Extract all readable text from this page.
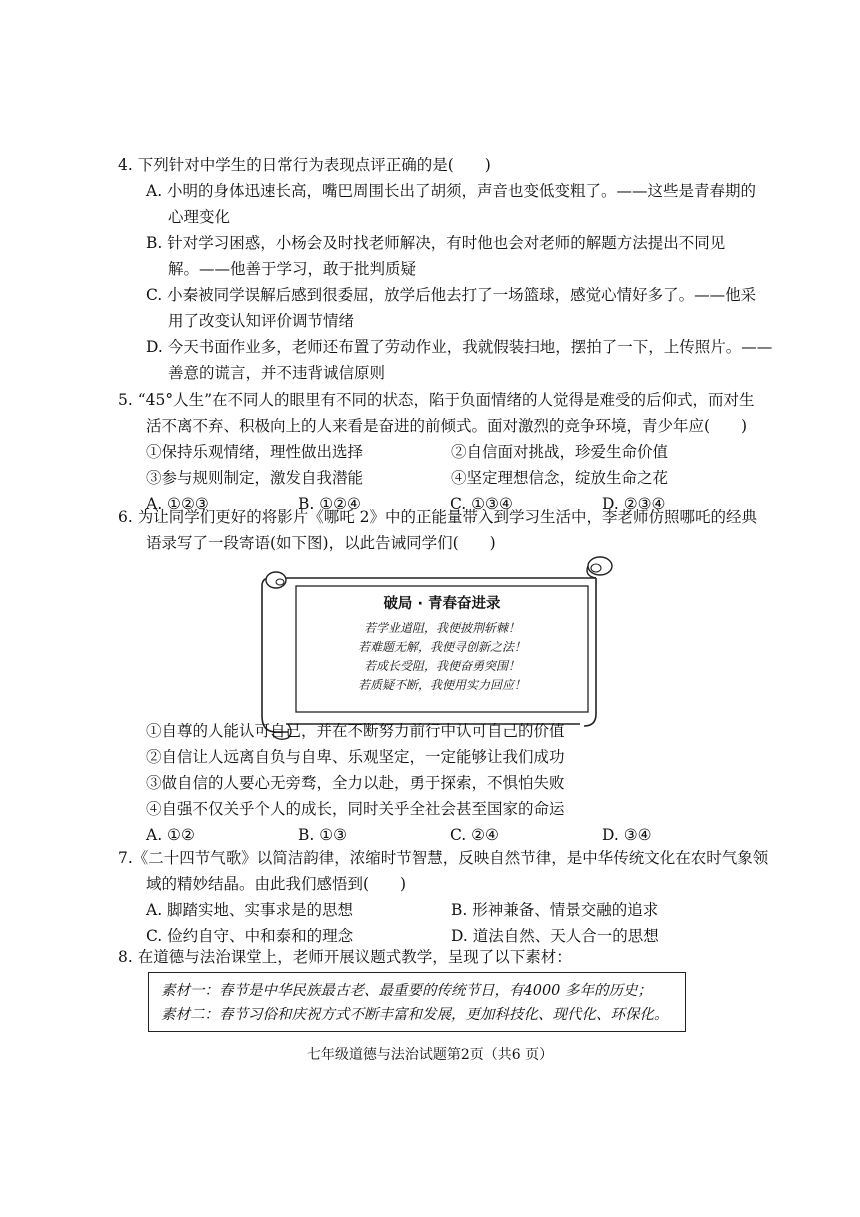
4. 下列针对中学生的日常行为表现点评正确的是(　　)
A. 小明的身体迅速长高，嘴巴周围长出了胡须，声音也变低变粗了。——这些是青春期的
心理变化
B. 针对学习困惑，小杨会及时找老师解决，有时他也会对老师的解题方法提出不同见
解。——他善于学习，敢于批判质疑
C. 小秦被同学误解后感到很委屈，放学后他去打了一场篮球，感觉心情好多了。——他采
用了改变认知评价调节情绪
D. 今天书面作业多，老师还布置了劳动作业，我就假装扫地，摆拍了一下，上传照片。——
善意的谎言，并不违背诚信原则
5. “45°人生”在不同人的眼里有不同的状态，陷于负面情绪的人觉得是难受的后仰式，而对生
活不离不弃、积极向上的人来看是奋进的前倾式。面对激烈的竞争环境，青少年应(　　)
①保持乐观情绪，理性做出选择	②自信面对挑战，珍爱生命价值
③参与规则制定，激发自我潜能	④坚定理想信念，绽放生命之花
A. ①②③	B. ①②④	C. ①③④	D. ②③④
6. 为让同学们更好的将影片《哪吒 2》中的正能量带入到学习生活中，李老师仿照哪吒的经典
语录写了一段寄语(如下图)，以此告诫同学们(　　)
破局 · 青春奋进录
若学业道阻，我便披荆斩棘！
若难题无解，我便寻创新之法！
若成长受阻，我便奋勇突围！
若质疑不断，我便用实力回应！
①自尊的人能认可自己，并在不断努力前行中认可自己的价值
②自信让人远离自负与自卑、乐观坚定，一定能够让我们成功
③做自信的人要心无旁骛，全力以赴，勇于探索，不惧怕失败
④自强不仅关乎个人的成长，同时关乎全社会甚至国家的命运
A. ①②	B. ①③	C. ②④	D. ③④
7.《二十四节气歌》以简洁韵律，浓缩时节智慧，反映自然节律，是中华传统文化在农时气象领
域的精妙结晶。由此我们感悟到(　　)
A. 脚踏实地、实事求是的思想	B. 形神兼备、情景交融的追求
C. 俭约自守、中和泰和的理念	D. 道法自然、天人合一的思想
8. 在道德与法治课堂上，老师开展议题式教学，呈现了以下素材：
素材一：春节是中华民族最古老、最重要的传统节日，有4000 多年的历史；
素材二：春节习俗和庆祝方式不断丰富和发展，更加科技化、现代化、环保化。
七年级道德与法治试题第2页（共6 页）
